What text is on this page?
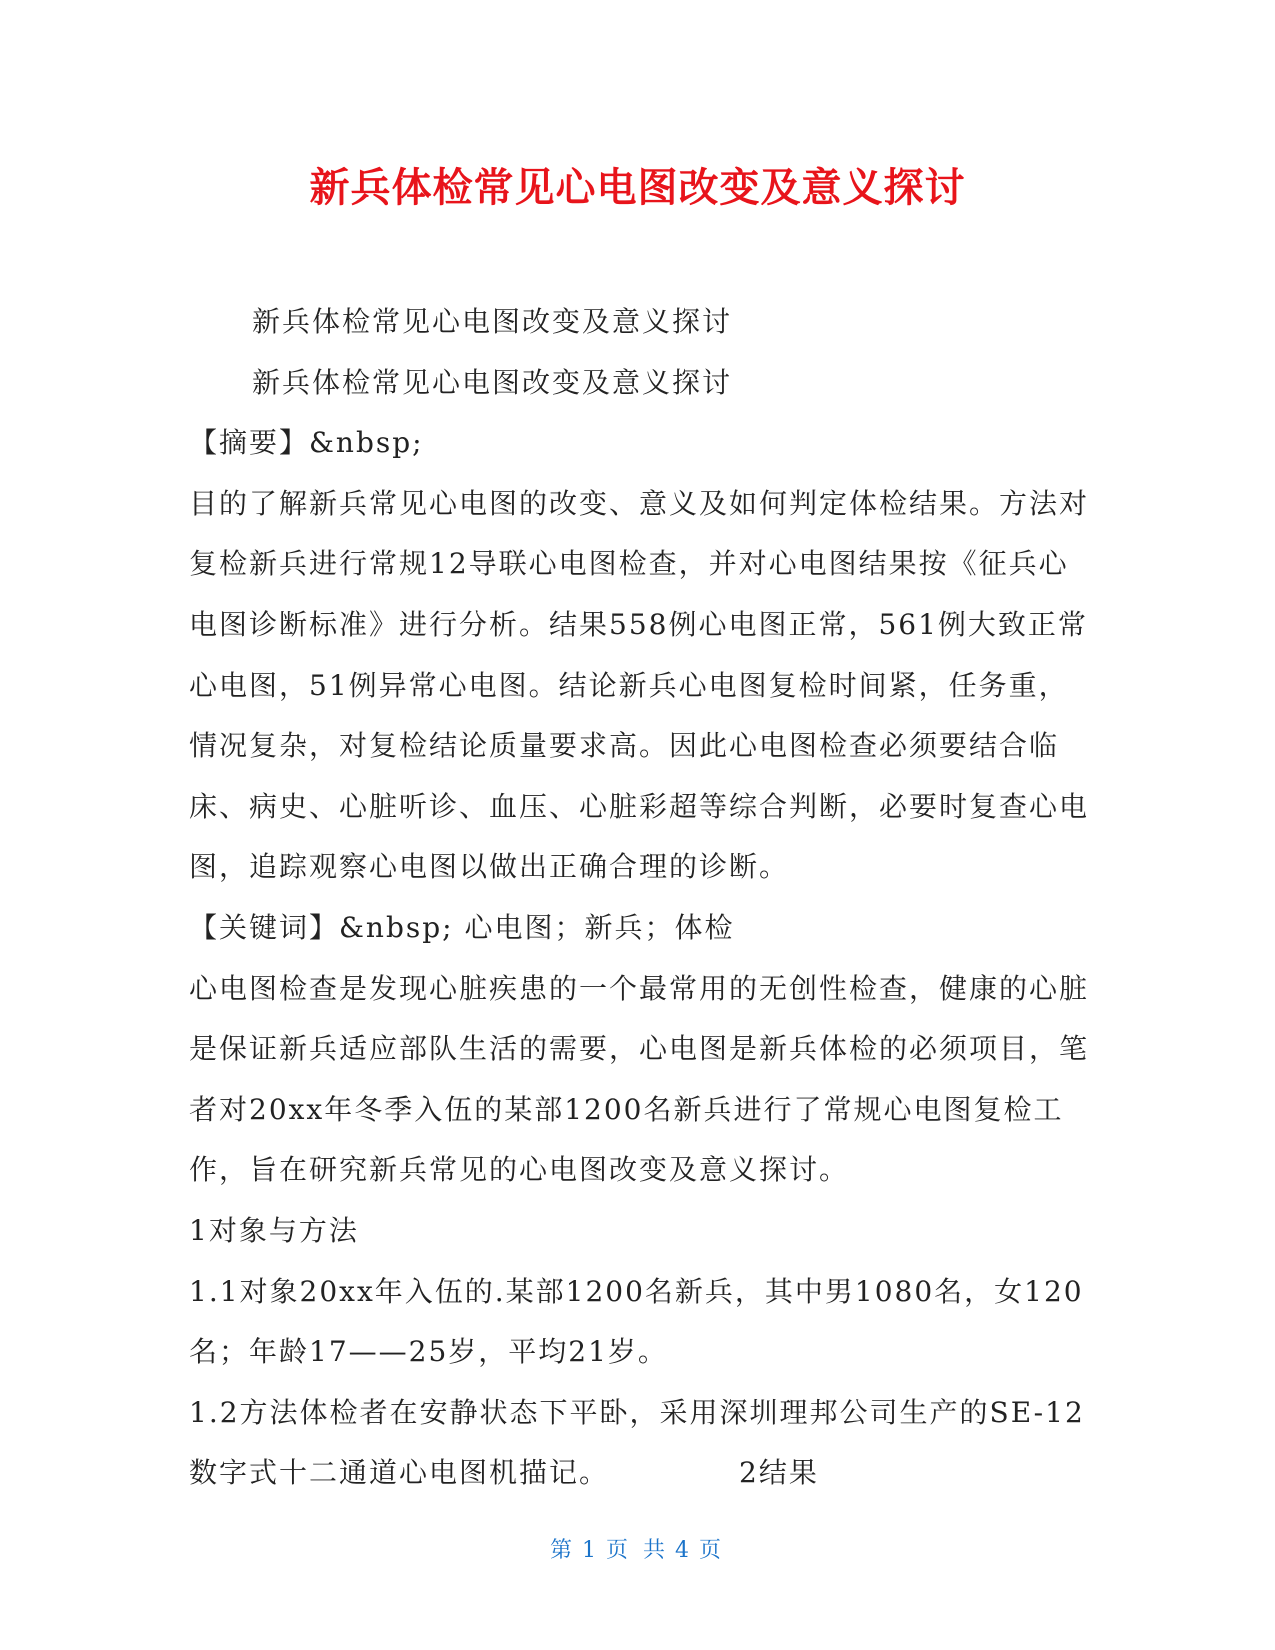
新兵体检常见心电图改变及意义探讨

新兵体检常见心电图改变及意义探讨

新兵体检常见心电图改变及意义探讨

【摘要】&nbsp;

目的了解新兵常见心电图的改变、意义及如何判定体检结果。方法对复检新兵进行常规12导联心电图检查，并对心电图结果按《征兵心电图诊断标准》进行分析。结果558例心电图正常，561例大致正常心电图，51例异常心电图。结论新兵心电图复检时间紧，任务重，情况复杂，对复检结论质量要求高。因此心电图检查必须要结合临床、病史、心脏听诊、血压、心脏彩超等综合判断，必要时复查心电图，追踪观察心电图以做出正确合理的诊断。

【关键词】&nbsp; 心电图；新兵；体检

心电图检查是发现心脏疾患的一个最常用的无创性检查，健康的心脏是保证新兵适应部队生活的需要，心电图是新兵体检的必须项目，笔者对20xx年冬季入伍的某部1200名新兵进行了常规心电图复检工作，旨在研究新兵常见的心电图改变及意义探讨。

1对象与方法

1.1对象20xx年入伍的.某部1200名新兵，其中男1080名，女120名；年龄17——25岁，平均21岁。

1.2方法体检者在安静状态下平卧，采用深圳理邦公司生产的SE-12数字式十二通道心电图机描记。	2结果

第 1 页 共 4 页
